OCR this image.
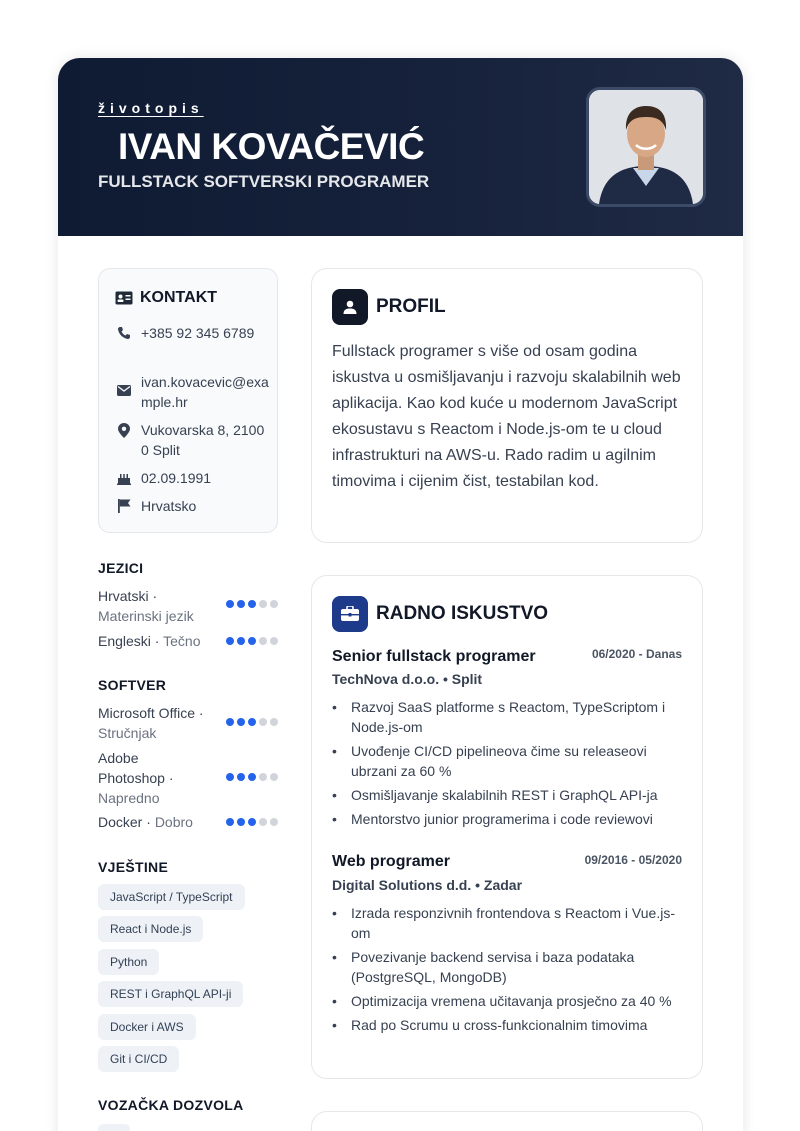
životopis
IVAN KOVAČEVIĆ
FULLSTACK SOFTVERSKI PROGRAMER
KONTAKT
+385 92 345 6789
ivan.kovacevic@example.hr
Vukovarska 8, 21000 Split
02.09.1991
Hrvatsko
JEZICI
Hrvatski · Materinski jezik
Engleski · Tečno
SOFTVER
Microsoft Office · Stručnjak
Adobe Photoshop · Napredno
Docker · Dobro
VJEŠTINE
JavaScript / TypeScript
React i Node.js
Python
REST i GraphQL API-ji
Docker i AWS
Git i CI/CD
VOZAČKA DOZVOLA
PROFIL
Fullstack programer s više od osam godina iskustva u osmišljavanju i razvoju skalabilnih web aplikacija. Kao kod kuće u modernom JavaScript ekosustavu s Reactom i Node.js-om te u cloud infrastrukturi na AWS-u. Rado radim u agilnim timovima i cijenim čist, testabilan kod.
RADNO ISKUSTVO
Senior fullstack programer	06/2020 - Danas
TechNova d.o.o. • Split
• Razvoj SaaS platforme s Reactom, TypeScriptom i Node.js-om
• Uvođenje CI/CD pipelineova čime su releaseovi ubrzani za 60 %
• Osmišljavanje skalabilnih REST i GraphQL API-ja
• Mentorstvo junior programerima i code reviewovi
Web programer	09/2016 - 05/2020
Digital Solutions d.d. • Zadar
• Izrada responzivnih frontendova s Reactom i Vue.js-om
• Povezivanje backend servisa i baza podataka (PostgreSQL, MongoDB)
• Optimizacija vremena učitavanja prosječno za 40 %
• Rad po Scrumu u cross-funkcionalnim timovima
